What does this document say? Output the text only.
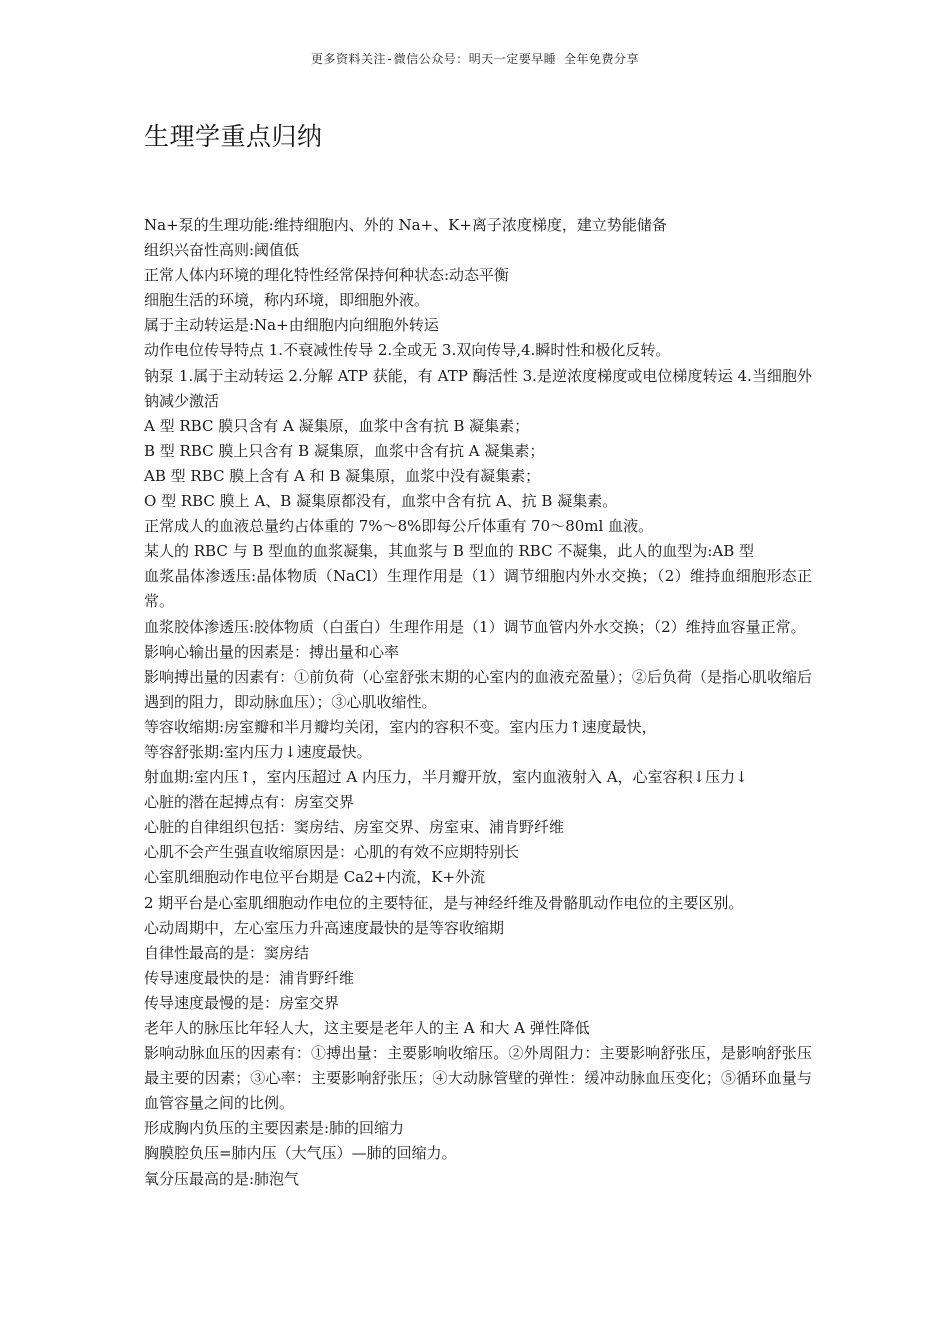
更多资料关注-微信公众号：明天一定要早睡 全年免费分享
生理学重点归纳

Na+泵的生理功能:维持细胞内、外的 Na+、K+离子浓度梯度，建立势能储备

组织兴奋性高则:阈值低

正常人体内环境的理化特性经常保持何种状态:动态平衡

细胞生活的环境，称内环境，即细胞外液。

属于主动转运是:Na+由细胞内向细胞外转运

动作电位传导特点 1.不衰减性传导 2.全或无 3.双向传导,4.瞬时性和极化反转。

钠泵 1.属于主动转运 2.分解 ATP 获能，有 ATP 酶活性 3.是逆浓度梯度或电位梯度转运 4.当细胞外钠减少激活

A 型 RBC 膜只含有 A 凝集原，血浆中含有抗 B 凝集素；

B 型 RBC 膜上只含有 B 凝集原，血浆中含有抗 A 凝集素；

AB 型 RBC 膜上含有 A 和 B 凝集原，血浆中没有凝集素；

O 型 RBC 膜上 A、B 凝集原都没有，血浆中含有抗 A、抗 B 凝集素。

正常成人的血液总量约占体重的 7%～8%即每公斤体重有 70～80ml 血液。

某人的 RBC 与 B 型血的血浆凝集，其血浆与 B 型血的 RBC 不凝集，此人的血型为:AB 型

血浆晶体渗透压:晶体物质（NaCl）生理作用是（1）调节细胞内外水交换；（2）维持血细胞形态正常。

血浆胶体渗透压:胶体物质（白蛋白）生理作用是（1）调节血管内外水交换；（2）维持血容量正常。

影响心输出量的因素是：搏出量和心率

影响搏出量的因素有：①前负荷（心室舒张末期的心室内的血液充盈量）；②后负荷（是指心肌收缩后遇到的阻力，即动脉血压）；③心肌收缩性。

等容收缩期:房室瓣和半月瓣均关闭，室内的容积不变。室内压力↑速度最快，

等容舒张期:室内压力↓速度最快。

射血期:室内压↑，室内压超过 A 内压力，半月瓣开放，室内血液射入 A，心室容积↓压力↓

心脏的潜在起搏点有：房室交界

心脏的自律组织包括：窦房结、房室交界、房室束、浦肯野纤维

心肌不会产生强直收缩原因是：心肌的有效不应期特别长

心室肌细胞动作电位平台期是 Ca2+内流，K+外流

2 期平台是心室肌细胞动作电位的主要特征，是与神经纤维及骨骼肌动作电位的主要区别。

心动周期中，左心室压力升高速度最快的是等容收缩期

自律性最高的是：窦房结

传导速度最快的是：浦肯野纤维

传导速度最慢的是：房室交界

老年人的脉压比年轻人大，这主要是老年人的主 A 和大 A 弹性降低

影响动脉血压的因素有：①搏出量：主要影响收缩压。②外周阻力：主要影响舒张压，是影响舒张压最主要的因素；③心率：主要影响舒张压；④大动脉管壁的弹性：缓冲动脉血压变化；⑤循环血量与血管容量之间的比例。

形成胸内负压的主要因素是:肺的回缩力

胸膜腔负压=肺内压（大气压）—肺的回缩力。

氧分压最高的是:肺泡气
